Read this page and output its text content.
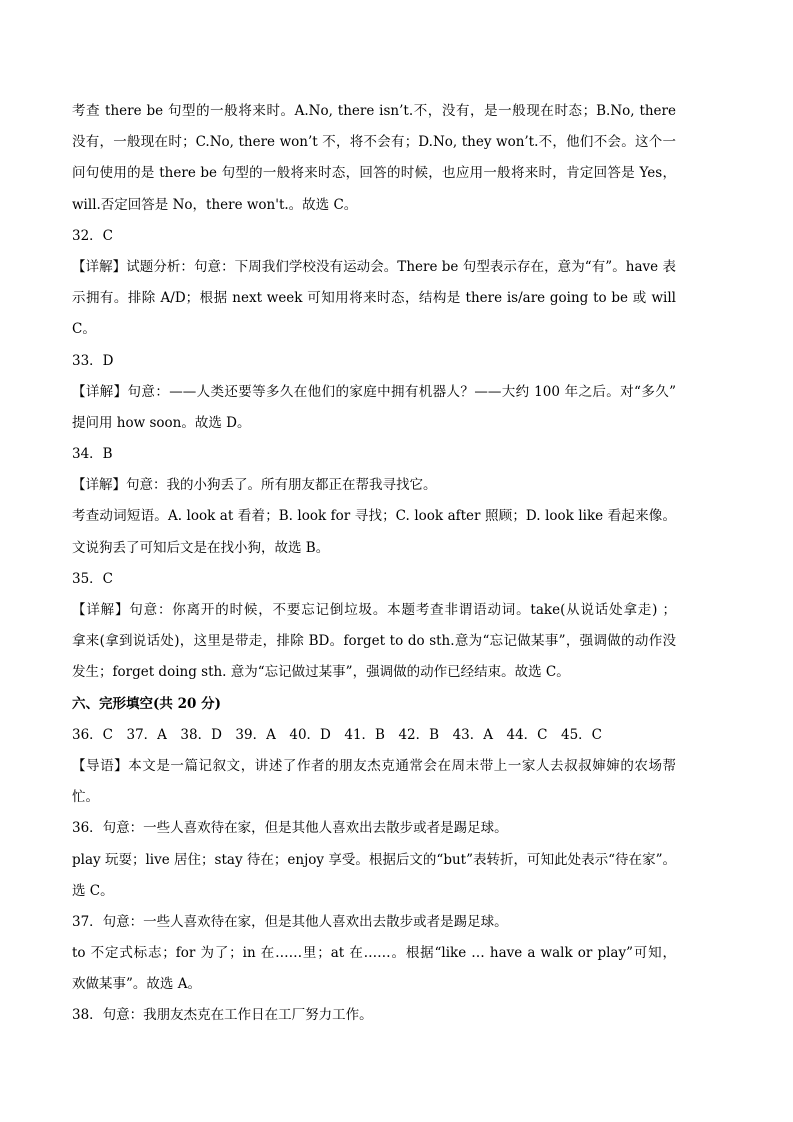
考查 there be 句型的一般将来时。A.No, there isn’t.不，没有，是一般现在时态；B.No, there
没有，一般现在时；C.No, there won’t 不，将不会有；D.No, they won’t.不，他们不会。这个一
问句使用的是 there be 句型的一般将来时态，回答的时候，也应用一般将来时，肯定回答是 Yes，
will.否定回答是 No，there won't.。故选 C。
32．C
【详解】试题分析：句意：下周我们学校没有运动会。There be 句型表示存在，意为“有”。have 表
示拥有。排除 A/D；根据 next week 可知用将来时态，结构是 there is/are going to be 或 will
C。
33．D
【详解】句意：——人类还要等多久在他们的家庭中拥有机器人？——大约 100 年之后。对“多久”
提问用 how soon。故选 D。
34．B
【详解】句意：我的小狗丢了。所有朋友都正在帮我寻找它。
考查动词短语。A. look at 看着；B. look for 寻找；C. look after 照顾；D. look like 看起来像。
文说狗丢了可知后文是在找小狗，故选 B。
35．C
【详解】句意：你离开的时候，不要忘记倒垃圾。本题考查非谓语动词。take(从说话处拿走) ；
拿来(拿到说话处)，这里是带走，排除 BD。forget to do sth.意为“忘记做某事”，强调做的动作没
发生；forget doing sth. 意为“忘记做过某事”，强调做的动作已经结束。故选 C。
六、完形填空(共 20 分)
36．C　37．A　38．D　39．A　40．D　41．B　42．B　43．A　44．C　45．C
【导语】本文是一篇记叙文，讲述了作者的朋友杰克通常会在周末带上一家人去叔叔婶婶的农场帮
忙。
36．句意：一些人喜欢待在家，但是其他人喜欢出去散步或者是踢足球。
play 玩耍；live 居住；stay 待在；enjoy 享受。根据后文的“but”表转折，可知此处表示“待在家”。
选 C。
37．句意：一些人喜欢待在家，但是其他人喜欢出去散步或者是踢足球。
to 不定式标志；for 为了；in 在……里；at 在……。根据“like … have a walk or play”可知，
欢做某事”。故选 A。
38．句意：我朋友杰克在工作日在工厂努力工作。
